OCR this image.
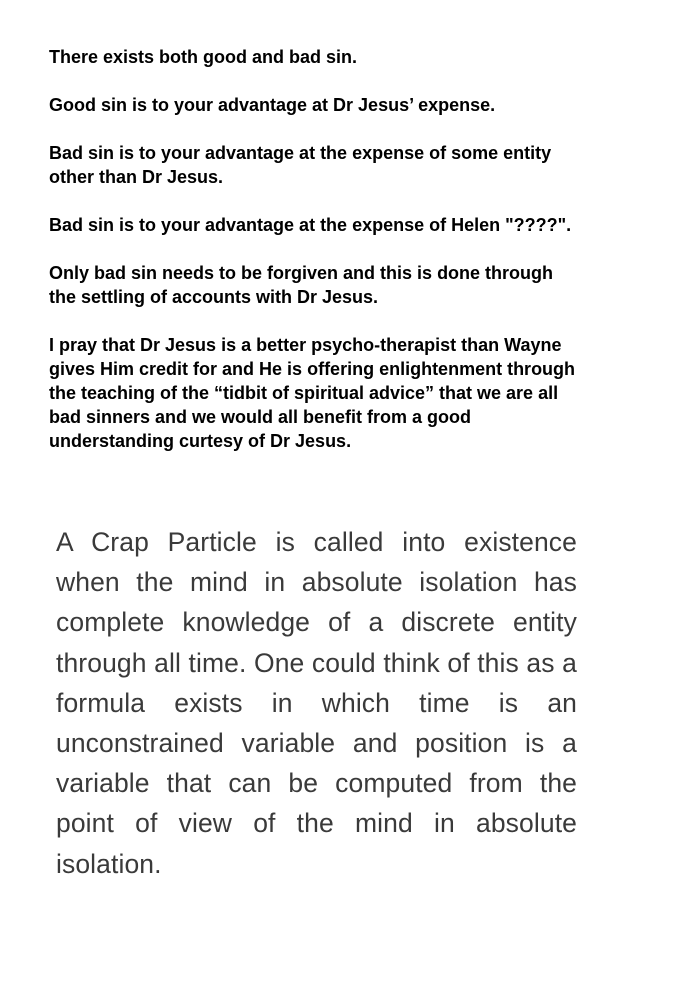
There exists both good and bad sin.

Good sin is to your advantage at Dr Jesus’ expense.

Bad sin is to your advantage at the expense of some entity
other than Dr Jesus.

Bad sin is to your advantage at the expense of Helen "????".

Only bad sin needs to be forgiven and this is done through
the settling of accounts with Dr Jesus.

I pray that Dr Jesus is a better psycho-therapist than Wayne
gives Him credit for and He is offering enlightenment through
the teaching of the “tidbit of spiritual advice” that we are all
bad sinners and we would all benefit from a good
understanding curtesy of Dr Jesus.

A Crap Particle is called into existence when the mind in absolute isolation has complete knowledge of a discrete entity through all time. One could think of this as a formula exists in which time is an unconstrained variable and position is a variable that can be computed from the point of view of the mind in absolute isolation.
